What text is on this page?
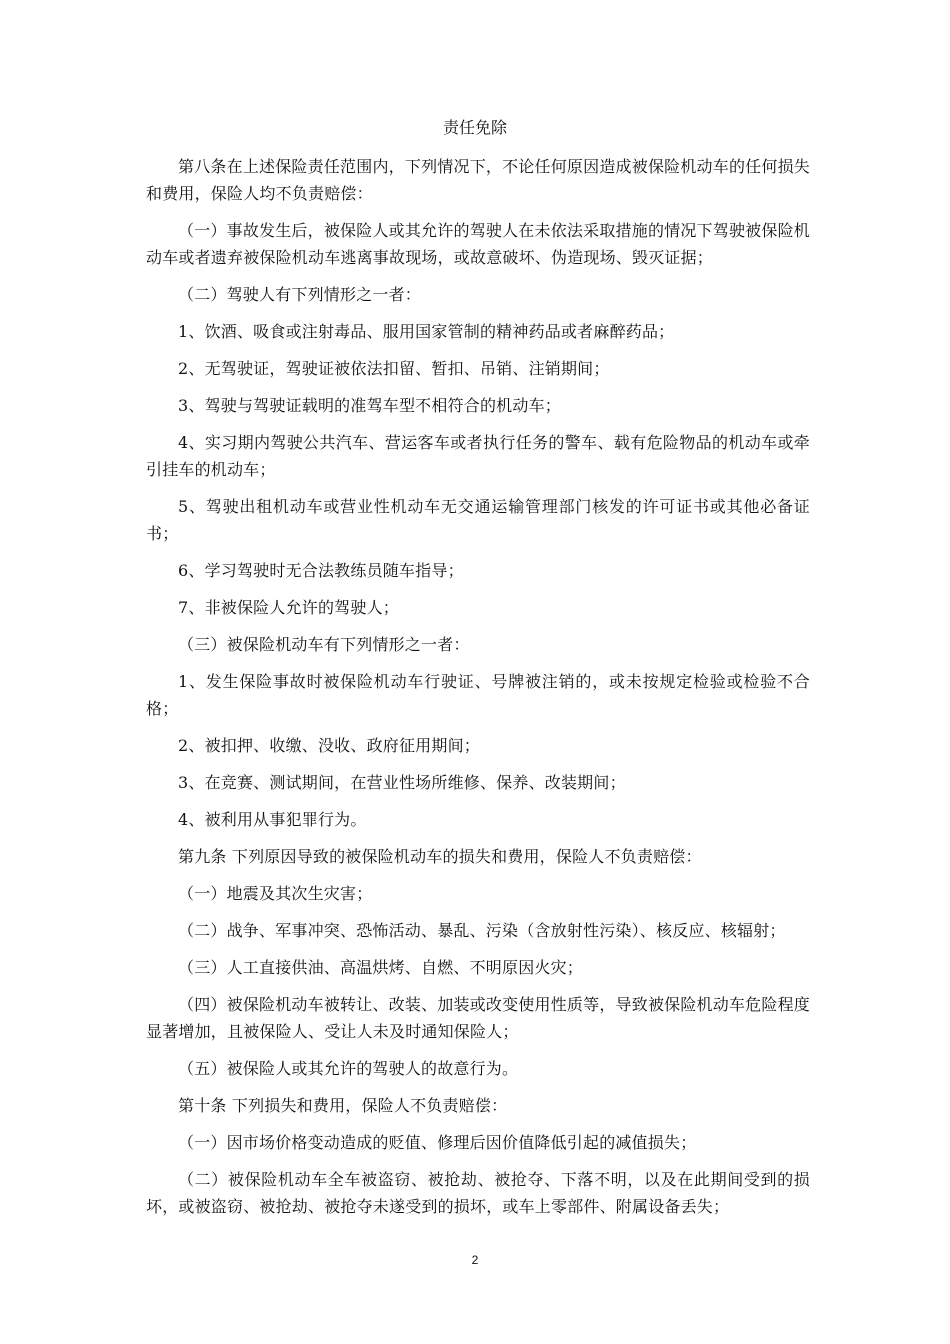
责任免除

第八条在上述保险责任范围内，下列情况下，不论任何原因造成被保险机动车的任何损失和费用，保险人均不负责赔偿：

（一）事故发生后，被保险人或其允许的驾驶人在未依法采取措施的情况下驾驶被保险机动车或者遗弃被保险机动车逃离事故现场，或故意破坏、伪造现场、毁灭证据；

（二）驾驶人有下列情形之一者：

1、饮酒、吸食或注射毒品、服用国家管制的精神药品或者麻醉药品；

2、无驾驶证，驾驶证被依法扣留、暂扣、吊销、注销期间；

3、驾驶与驾驶证载明的准驾车型不相符合的机动车；

4、实习期内驾驶公共汽车、营运客车或者执行任务的警车、载有危险物品的机动车或牵引挂车的机动车；

5、驾驶出租机动车或营业性机动车无交通运输管理部门核发的许可证书或其他必备证书；

6、学习驾驶时无合法教练员随车指导；

7、非被保险人允许的驾驶人；

（三）被保险机动车有下列情形之一者：

1、发生保险事故时被保险机动车行驶证、号牌被注销的，或未按规定检验或检验不合格；

2、被扣押、收缴、没收、政府征用期间；

3、在竞赛、测试期间，在营业性场所维修、保养、改装期间；

4、被利用从事犯罪行为。

第九条 下列原因导致的被保险机动车的损失和费用，保险人不负责赔偿：

（一）地震及其次生灾害；

（二）战争、军事冲突、恐怖活动、暴乱、污染（含放射性污染）、核反应、核辐射；

（三）人工直接供油、高温烘烤、自燃、不明原因火灾；

（四）被保险机动车被转让、改装、加装或改变使用性质等，导致被保险机动车危险程度显著增加，且被保险人、受让人未及时通知保险人；

（五）被保险人或其允许的驾驶人的故意行为。

第十条 下列损失和费用，保险人不负责赔偿：

（一）因市场价格变动造成的贬值、修理后因价值降低引起的减值损失；

（二）被保险机动车全车被盗窃、被抢劫、被抢夺、下落不明，以及在此期间受到的损坏，或被盗窃、被抢劫、被抢夺未遂受到的损坏，或车上零部件、附属设备丢失；

2
